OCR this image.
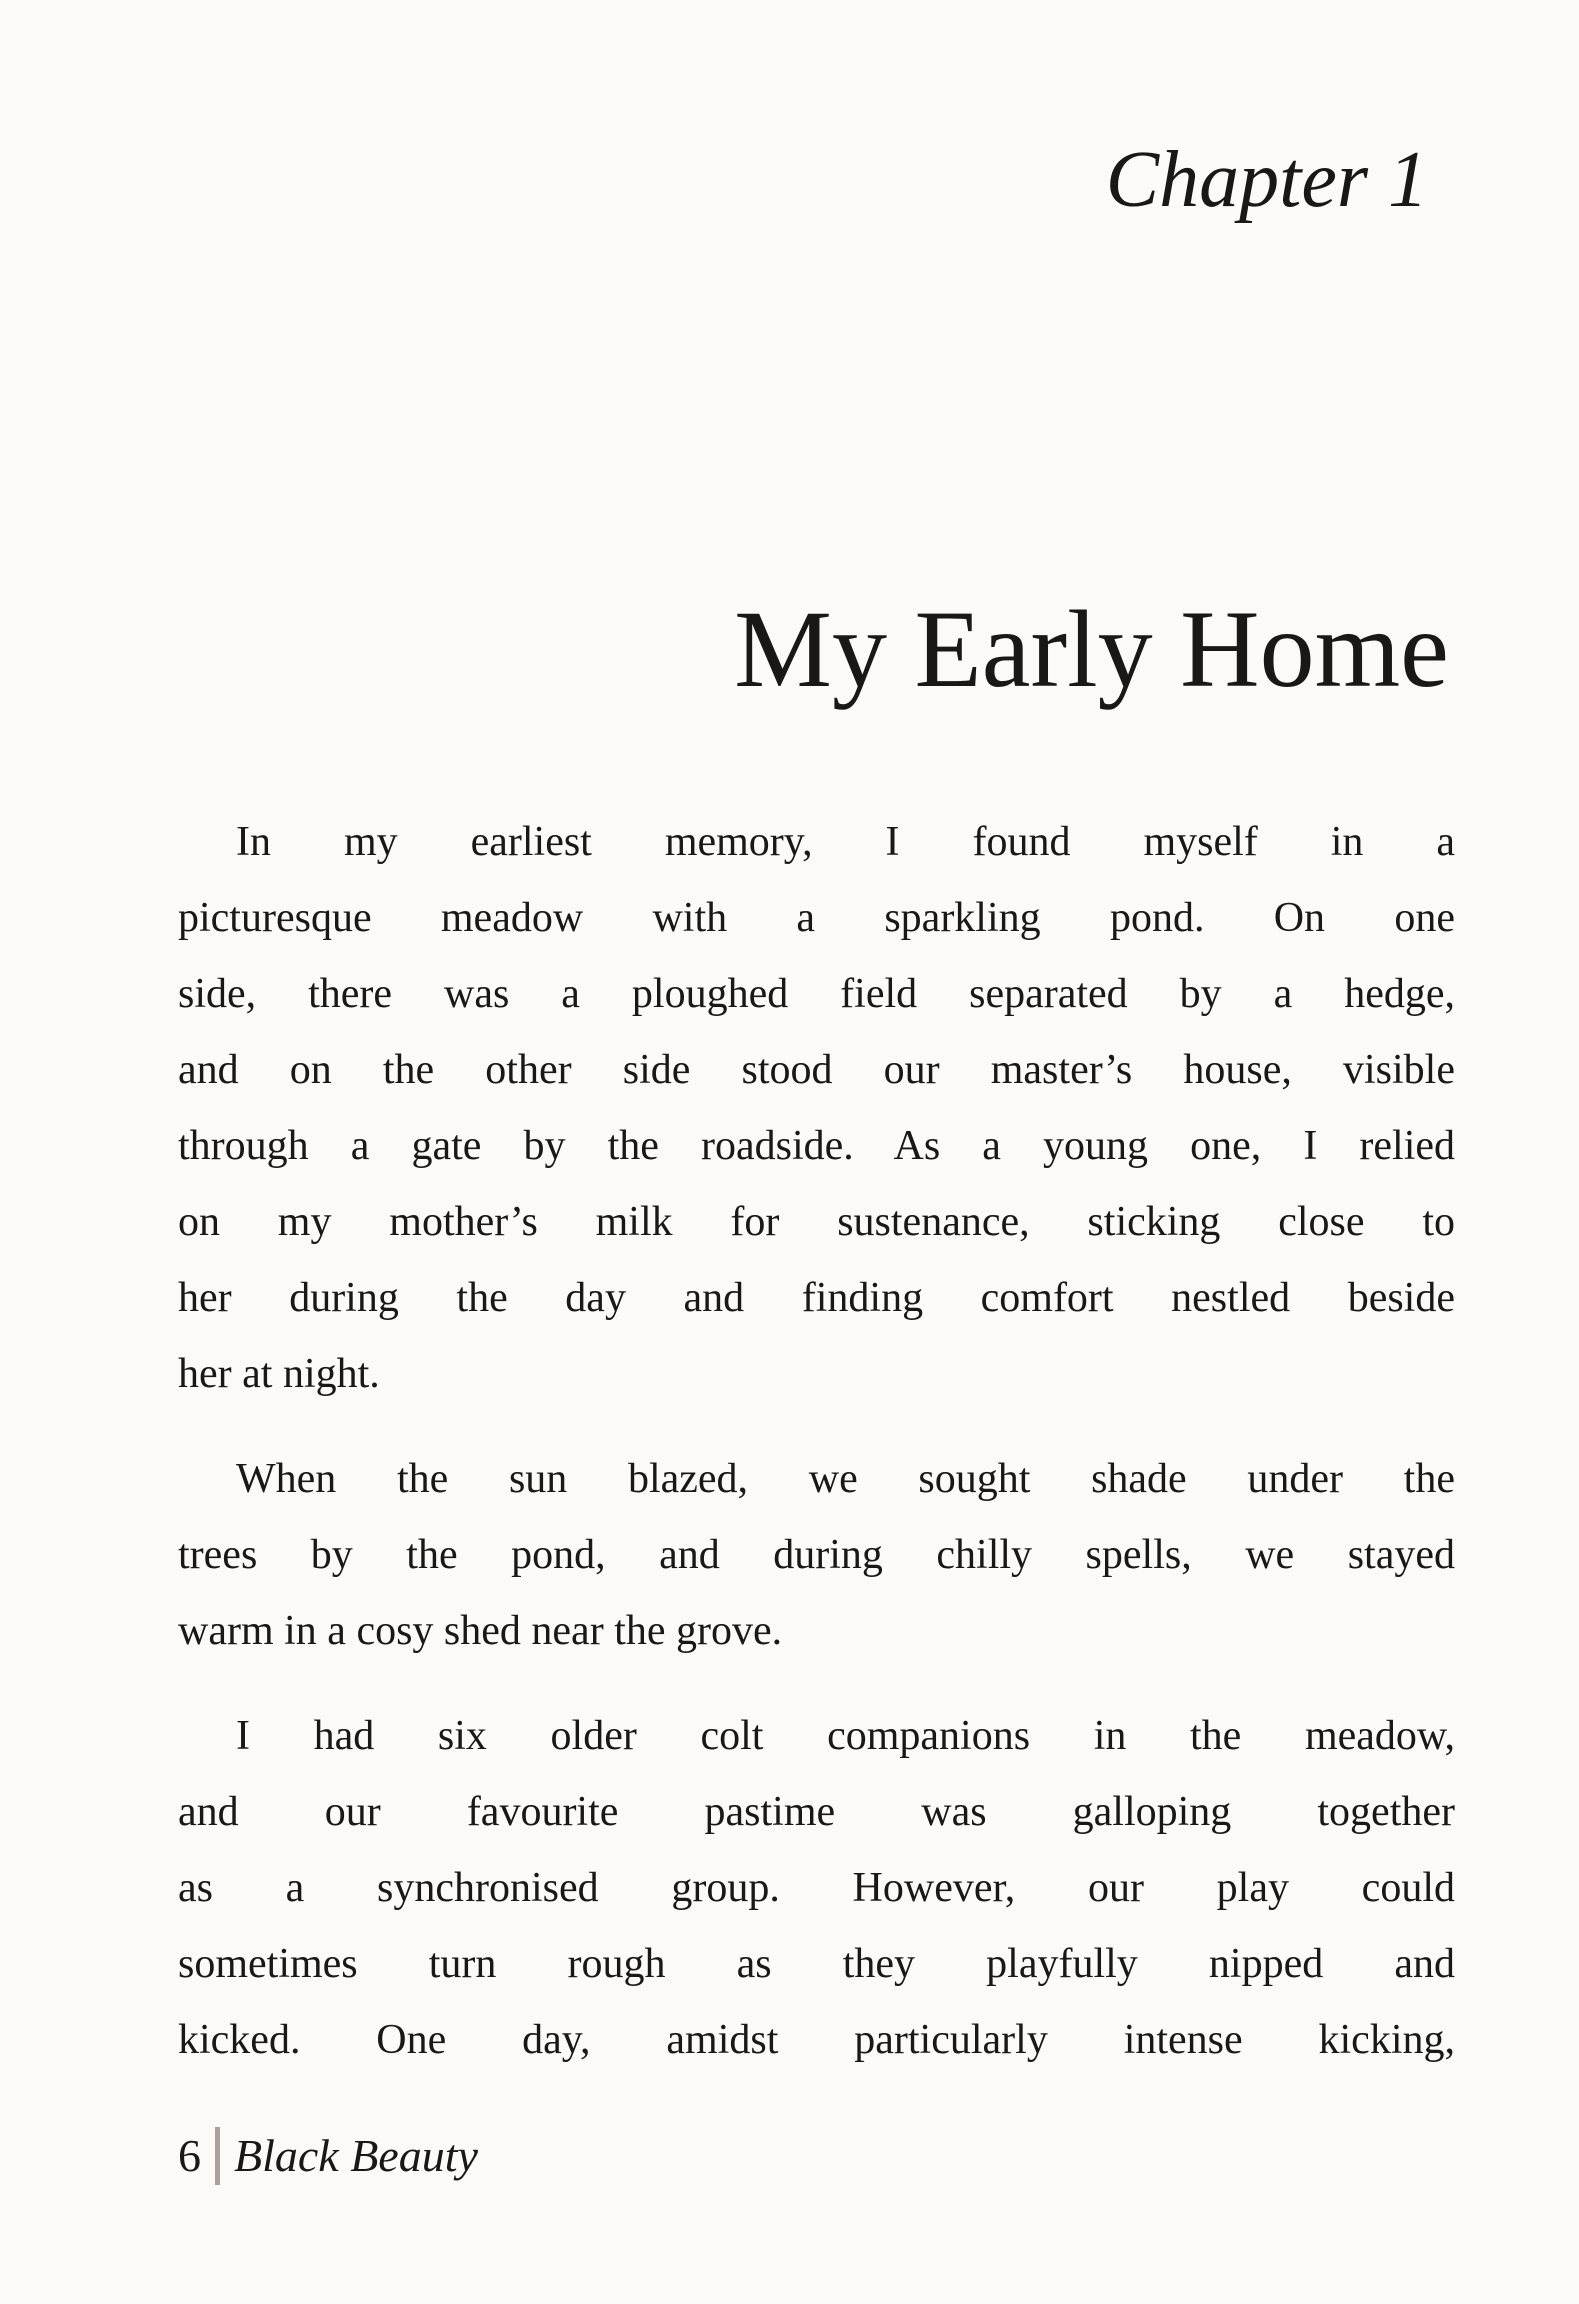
Chapter 1
My Early Home
In my earliest memory, I found myself in a
picturesque meadow with a sparkling pond. On one
side, there was a ploughed field separated by a hedge,
and on the other side stood our master’s house, visible
through a gate by the roadside. As a young one, I relied
on my mother’s milk for sustenance, sticking close to
her during the day and finding comfort nestled beside
her at night.
When the sun blazed, we sought shade under the
trees by the pond, and during chilly spells, we stayed
warm in a cosy shed near the grove.
I had six older colt companions in the meadow,
and our favourite pastime was galloping together
as a synchronised group. However, our play could
sometimes turn rough as they playfully nipped and
kicked. One day, amidst particularly intense kicking,
6 Black Beauty
